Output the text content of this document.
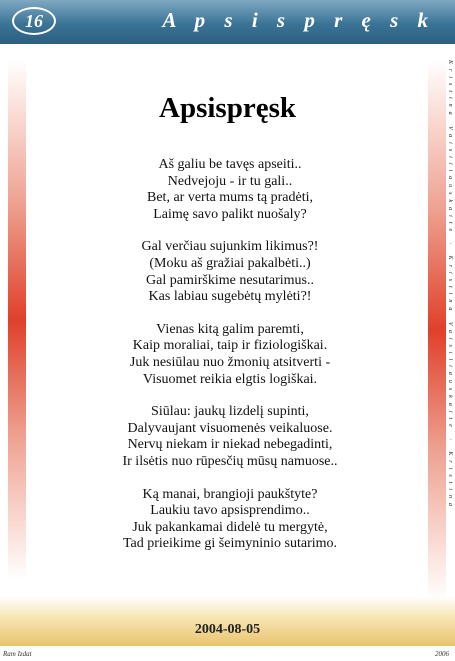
16	A p s i s p r ę s k
Kristina Vaisiliauskaite · Kristina Vaisiliauskaite · Kristina
Apsispręsk
Aš galiu be tavęs apseiti..
Nedvejoju - ir tu gali..
Bet, ar verta mums tą pradėti,
Laimę savo palikt nuošaly?
Gal verčiau sujunkim likimus?!
(Moku aš gražiai pakalbėti..)
Gal pamirškime nesutarimus..
Kas labiau sugebėtų mylėti?!
Vienas kitą galim paremti,
Kaip moraliai, taip ir fiziologiškai.
Juk nesiūlau nuo žmonių atsitverti -
Visuomet reikia elgtis logiškai.
Siūlau: jaukų lizdelį supinti,
Dalyvaujant visuomenės veikaluose.
Nervų niekam ir niekad nebegadinti,
Ir ilsėtis nuo rūpesčių mūsų namuose..
Ką manai, brangioji paukštyte?
Laukiu tavo apsisprendimo..
Juk pakankamai didelė tu mergytė,
Tad prieikime gi šeimyninio sutarimo.
2004-08-05
Ram Izdat	2006
